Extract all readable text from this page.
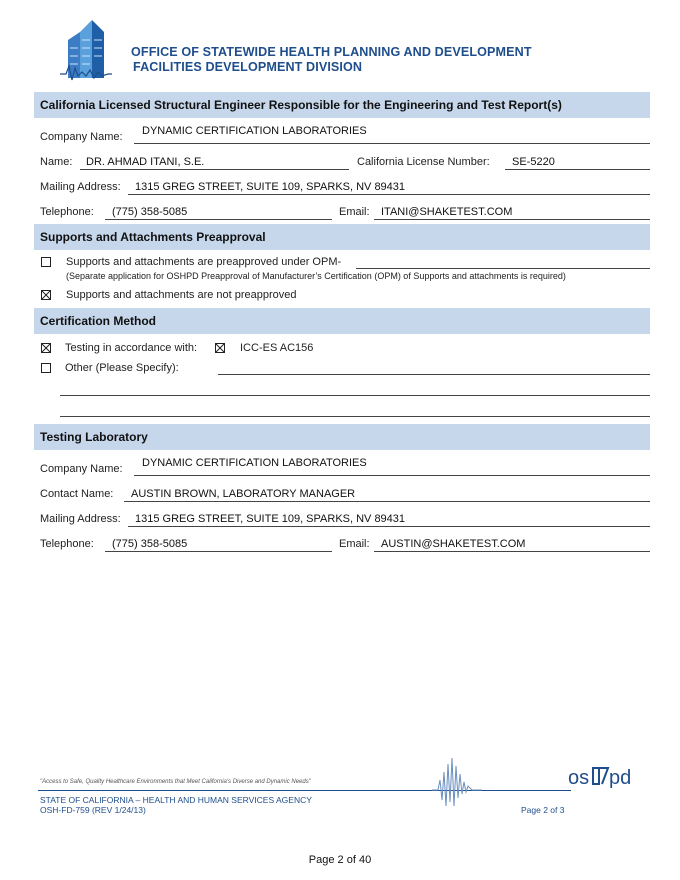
OFFICE OF STATEWIDE HEALTH PLANNING AND DEVELOPMENT
FACILITIES DEVELOPMENT DIVISION
California Licensed Structural Engineer Responsible for the Engineering and Test Report(s)
Company Name: DYNAMIC CERTIFICATION LABORATORIES
Name: DR. AHMAD ITANI, S.E.	California License Number: SE-5220
Mailing Address: 1315 GREG STREET, SUITE 109, SPARKS, NV 89431
Telephone: (775) 358-5085	Email: ITANI@SHAKETEST.COM
Supports and Attachments Preapproval
Supports and attachments are preapproved under OPM-
(Separate application for OSHPD Preapproval of Manufacturer’s Certification (OPM) of Supports and attachments is required)
Supports and attachments are not preapproved
Certification Method
Testing in accordance with:	ICC-ES AC156
Other (Please Specify):
Testing Laboratory
Company Name: DYNAMIC CERTIFICATION LABORATORIES
Contact Name: AUSTIN BROWN, LABORATORY MANAGER
Mailing Address: 1315 GREG STREET, SUITE 109, SPARKS, NV 89431
Telephone: (775) 358-5085	Email: AUSTIN@SHAKETEST.COM
"Access to Safe, Quality Healthcare Environments that Meet California's Diverse and Dynamic Needs"	os pd
STATE OF CALIFORNIA – HEALTH AND HUMAN SERVICES AGENCY
OSH-FD-759 (REV 1/24/13)	Page 2 of 3
Page 2 of 40
